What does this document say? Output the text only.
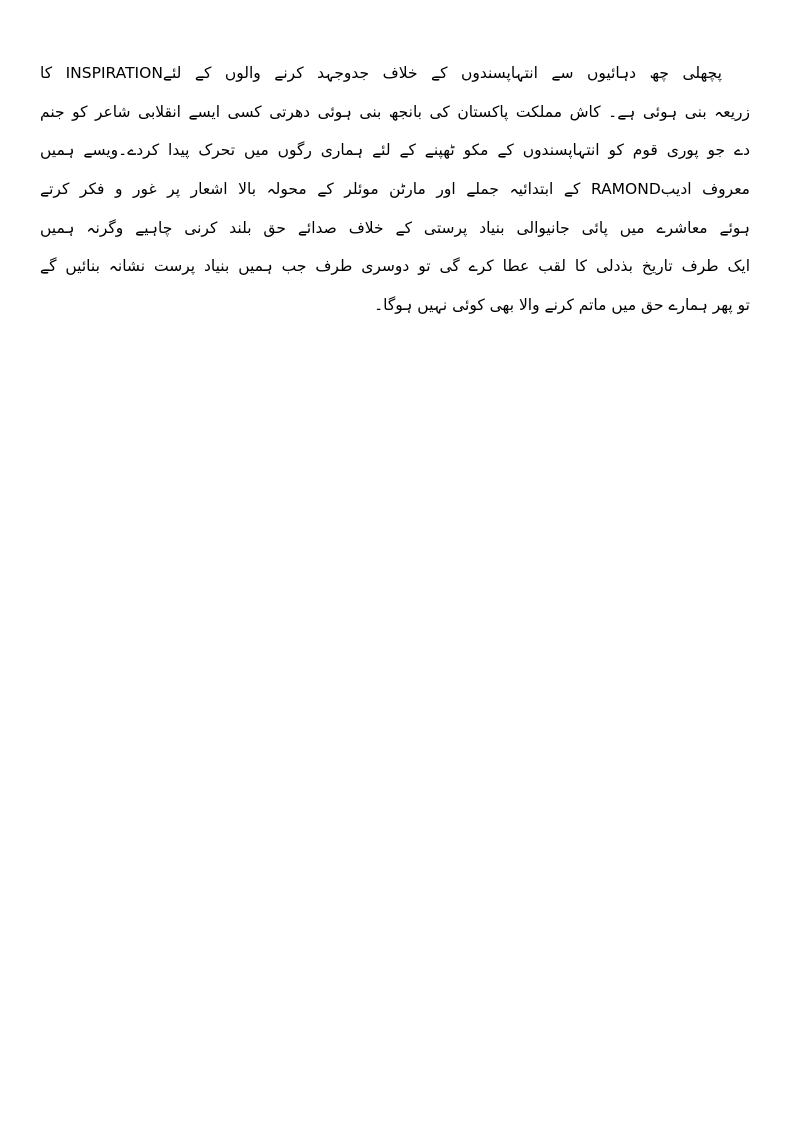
پچھلی چھ دہائیوں سے انتہاپسندوں کے خلاف جدوجہد کرنے والوں کے لئےINSPIRATION کا
زریعہ بنی ہوئی ہے۔ کاش مملکت پاکستان کی بانجھ بنی ہوئی دھرتی کسی ایسے انقلابی شاعر کو جنم
دے جو پوری قوم کو انتہاپسندوں کے مکو ٹھپنے کے لئے ہماری رگوں میں تحرک پیدا کردے۔ویسے ہمیں
معروف ادیبRAMOND کے ابتدائیہ جملے اور مارٹن موئلر کے محولہ بالا اشعار پر غور و فکر کرتے
ہوئے معاشرے میں پائی جانیوالی بنیاد پرستی کے خلاف صدائے حق بلند کرنی چاہیے وگرنہ ہمیں
ایک طرف تاریخ بذدلی کا لقب عطا کرے گی تو دوسری طرف جب ہمیں بنیاد پرست نشانہ بنائیں گے
تو پھر ہمارے حق میں ماتم کرنے والا بھی کوئی نہیں ہوگا۔
